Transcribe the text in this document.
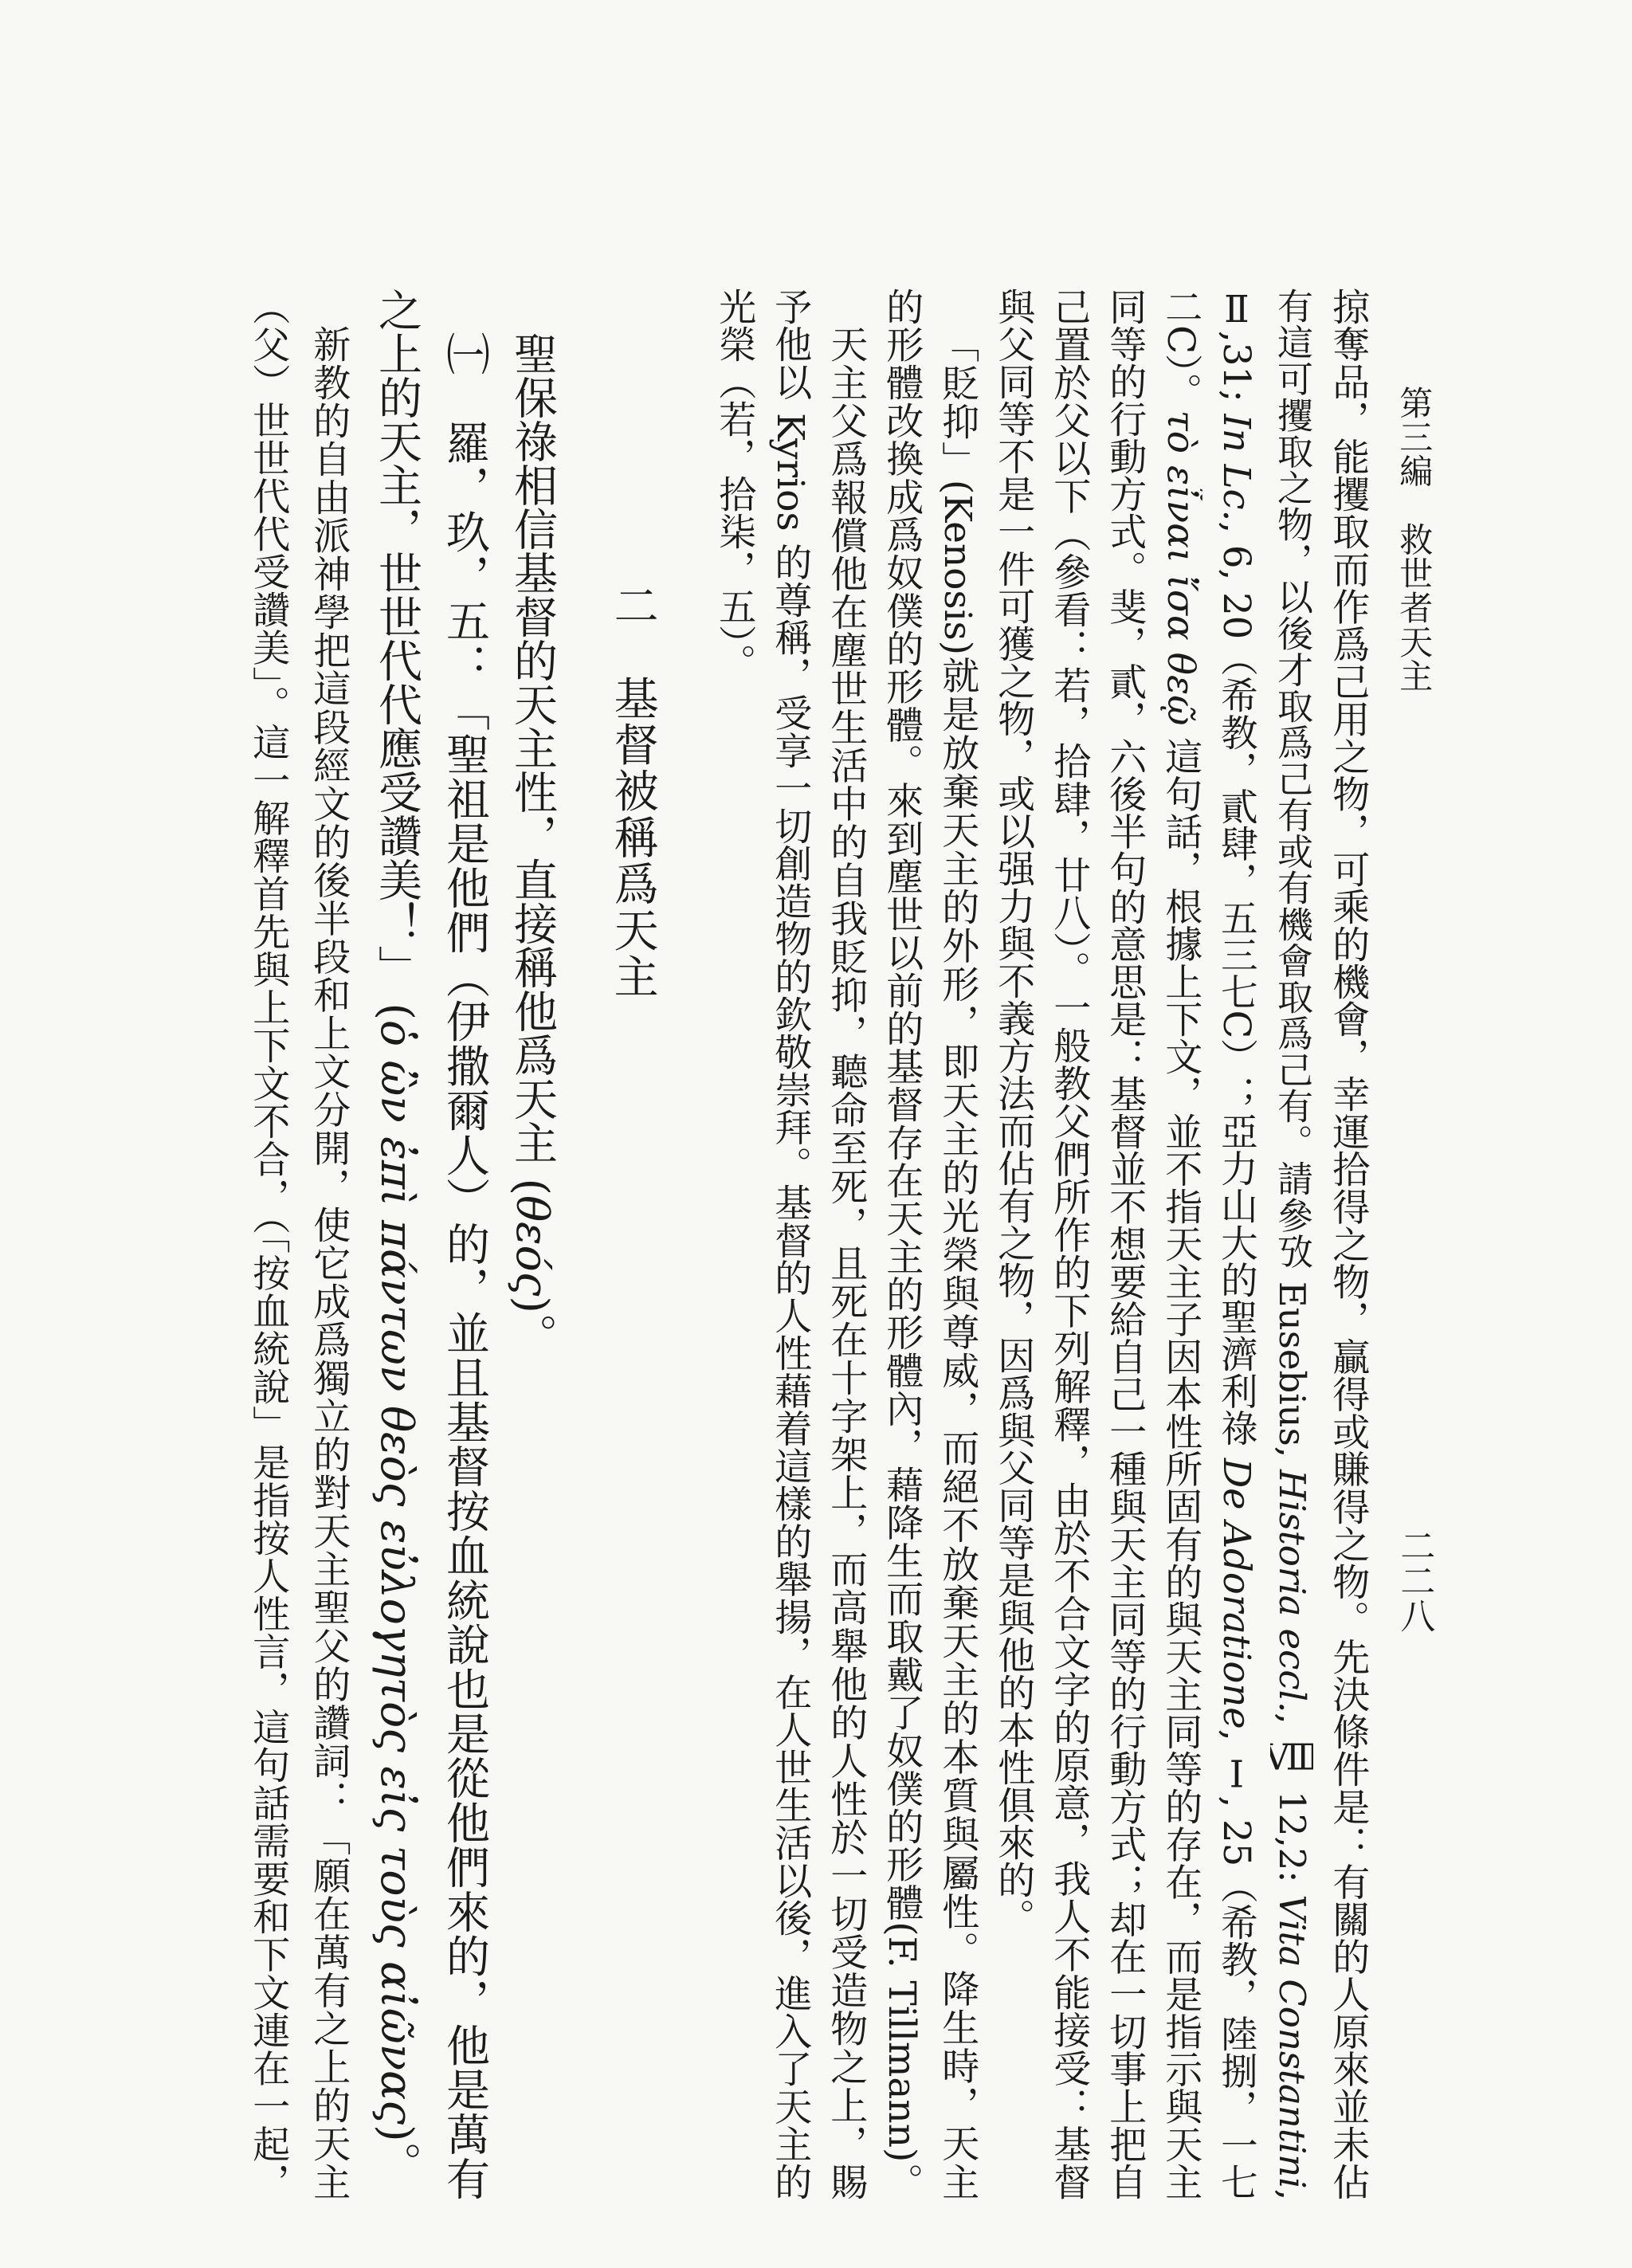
第三編　救世者天主
二二八
掠奪品，能攫取而作爲己用之物，可乘的機會，幸運拾得之物，贏得或賺得之物。先決條件是：有關的人原來並未佔
有這可攫取之物，以後才取爲己有或有機會取爲己有。請參攷 Eusebius, Historia eccl., Ⅷ 12,2: Vita Constantini,
Ⅱ,31; In Lc., 6, 20（希教，貳肆，五三七C）；亞力山大的聖濟利祿 De Adoratione, Ⅰ, 25（希教，陸捌，一七
二C）。τὸ εἶναι ἴσα θεῷ 這句話，根據上下文，並不指天主子因本性所固有的與天主同等的存在，而是指示與天主
同等的行動方式。斐，貳，六後半句的意思是：基督並不想要給自己一種與天主同等的行動方式；却在一切事上把自
己置於父以下（參看：若，拾肆，廿八）。一般教父們所作的下列解釋，由於不合文字的原意，我人不能接受：基督
與父同等不是一件可獲之物，或以强力與不義方法而佔有之物，因爲與父同等是與他的本性俱來的。
「貶抑」(Kenosis)就是放棄天主的外形，即天主的光榮與尊威，而絕不放棄天主的本質與屬性。降生時，天主
的形體改換成爲奴僕的形體。來到塵世以前的基督存在天主的形體內，藉降生而取戴了奴僕的形體(F. Tillmann)。
天主父爲報償他在塵世生活中的自我貶抑，聽命至死，且死在十字架上，而高舉他的人性於一切受造物之上，賜
予他以 Kyrios 的尊稱，受享一切創造物的欽敬崇拜。基督的人性藉着這樣的舉揚，在人世生活以後，進入了天主的
光榮（若，拾柒，五）。
二　基督被稱爲天主
聖保祿相信基督的天主性，直接稱他爲天主 (θεός)。
㈠　羅，玖，五：「聖祖是他們（伊撒爾人）的，並且基督按血統說也是從他們來的，他是萬有
之上的天主，世世代代應受讚美！」 (ὁ ὢν ἐπὶ πάντων θεὸς εὐλογητὸς εἰς τοὺς αἰῶνας)。
新教的自由派神學把這段經文的後半段和上文分開，使它成爲獨立的對天主聖父的讚詞：「願在萬有之上的天主
（父）世世代代受讚美」。這一解釋首先與上下文不合，（「按血統說」是指按人性言，這句話需要和下文連在一起，
